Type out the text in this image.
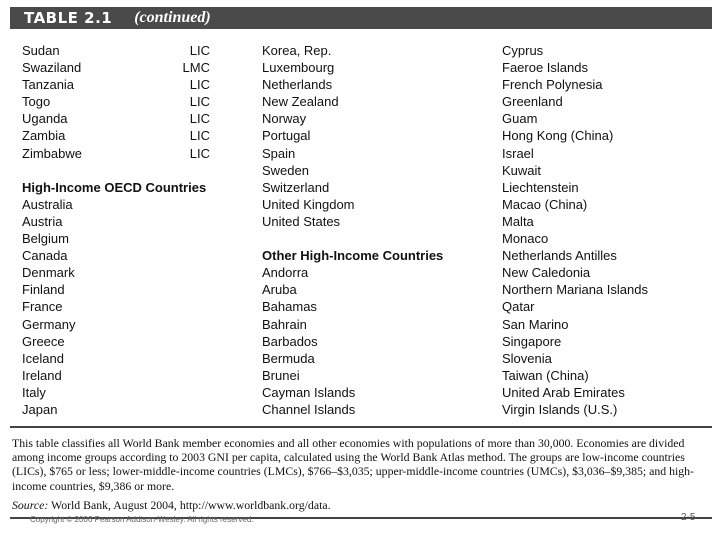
TABLE 2.1 (continued)
Sudan	LIC
Swaziland	LMC
Tanzania	LIC
Togo	LIC
Uganda	LIC
Zambia	LIC
Zimbabwe	LIC
High-Income OECD Countries
Australia
Austria
Belgium
Canada
Denmark
Finland
France
Germany
Greece
Iceland
Ireland
Italy
Japan
Korea, Rep.
Luxembourg
Netherlands
New Zealand
Norway
Portugal
Spain
Sweden
Switzerland
United Kingdom
United States
Other High-Income Countries
Andorra
Aruba
Bahamas
Bahrain
Barbados
Bermuda
Brunei
Cayman Islands
Channel Islands
Cyprus
Faeroe Islands
French Polynesia
Greenland
Guam
Hong Kong (China)
Israel
Kuwait
Liechtenstein
Macao (China)
Malta
Monaco
Netherlands Antilles
New Caledonia
Northern Mariana Islands
Qatar
San Marino
Singapore
Slovenia
Taiwan (China)
United Arab Emirates
Virgin Islands (U.S.)
This table classifies all World Bank member economies and all other economies with populations of more than 30,000. Economies are divided among income groups according to 2003 GNI per capita, calculated using the World Bank Atlas method. The groups are low-income countries (LICs), $765 or less; lower-middle-income countries (LMCs), $766–$3,035; upper-middle-income countries (UMCs), $3,036–$9,385; and high-income countries, $9,386 or more.
Source: World Bank, August 2004, http://www.worldbank.org/data.
Copyright © 2006 Pearson Addison-Wesley. All rights reserved.	2-5
